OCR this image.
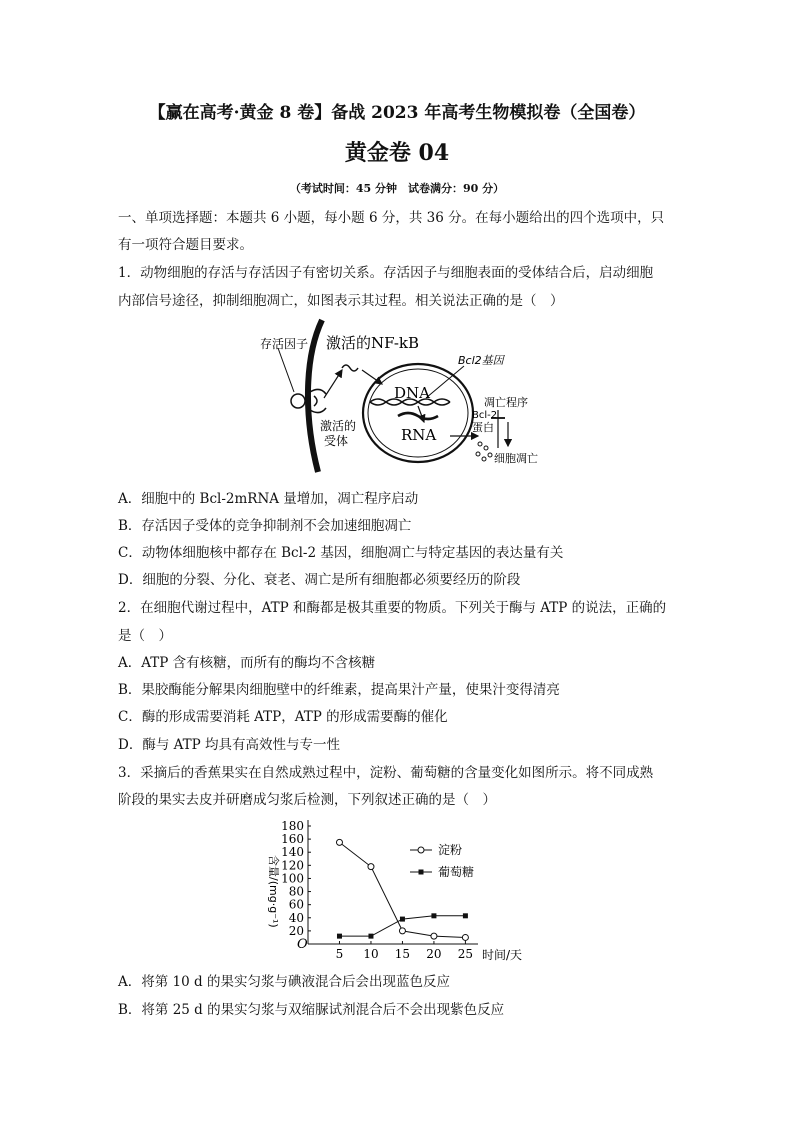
【赢在高考·黄金 8 卷】备战 2023 年高考生物模拟卷（全国卷）
黄金卷 04
（考试时间：45 分钟　试卷满分：90 分）
一、单项选择题：本题共 6 小题，每小题 6 分，共 36 分。在每小题给出的四个选项中，只
有一项符合题目要求。
1．动物细胞的存活与存活因子有密切关系。存活因子与细胞表面的受体结合后，启动细胞
内部信号途径，抑制细胞凋亡，如图表示其过程。相关说法正确的是（　）
存活因子 激活的NF-kB
Bcl2基因
DNA
RNA
凋亡程序
Bcl-2
蛋白
激活的
受体
细胞凋亡
A．细胞中的 Bcl-2mRNA 量增加，凋亡程序启动
B．存活因子受体的竞争抑制剂不会加速细胞凋亡
C．动物体细胞核中都存在 Bcl-2 基因，细胞凋亡与特定基因的表达量有关
D．细胞的分裂、分化、衰老、凋亡是所有细胞都必须要经历的阶段
2．在细胞代谢过程中，ATP 和酶都是极其重要的物质。下列关于酶与 ATP 的说法，正确的
是（　）
A．ATP 含有核糖，而所有的酶均不含核糖
B．果胶酶能分解果肉细胞壁中的纤维素，提高果汁产量，使果汁变得清亮
C．酶的形成需要消耗 ATP，ATP 的形成需要酶的催化
D．酶与 ATP 均具有高效性与专一性
3．采摘后的香蕉果实在自然成熟过程中，淀粉、葡萄糖的含量变化如图所示。将不同成熟
阶段的果实去皮并研磨成匀浆后检测，下列叙述正确的是（　）
O
20
40
60
80
100
120
140
160
180
5 10 15 20 25 时间/天
含量/(mg·g⁻¹)
淀粉
葡萄糖
A．将第 10 d 的果实匀浆与碘液混合后会出现蓝色反应
B．将第 25 d 的果实匀浆与双缩脲试剂混合后不会出现紫色反应
